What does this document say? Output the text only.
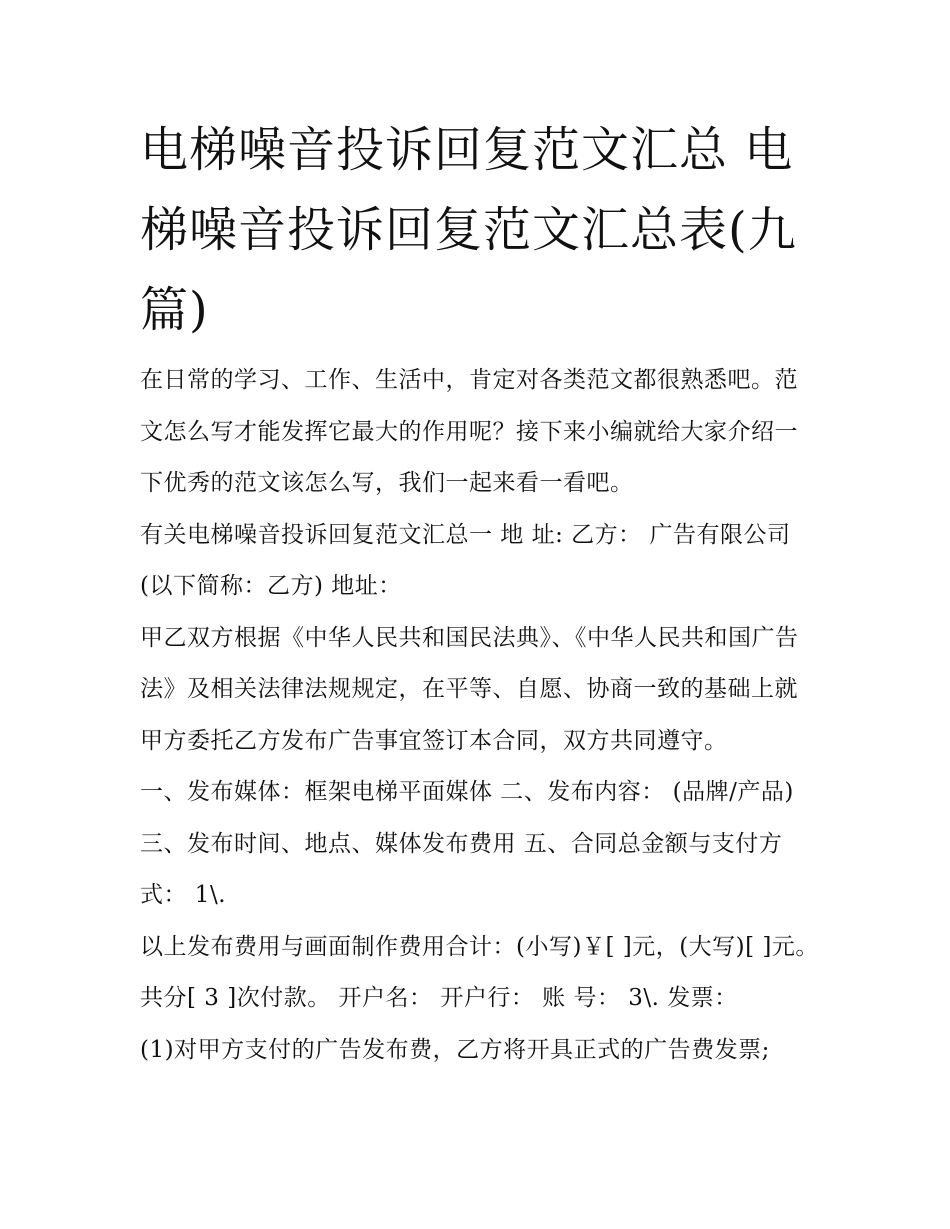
电梯噪音投诉回复范文汇总 电梯噪音投诉回复范文汇总表(九篇)

在日常的学习、工作、生活中，肯定对各类范文都很熟悉吧。范文怎么写才能发挥它最大的作用呢？接下来小编就给大家介绍一下优秀的范文该怎么写，我们一起来看一看吧。

有关电梯噪音投诉回复范文汇总一 地 址: 乙方： 广告有限公司(以下简称：乙方) 地址：

甲乙双方根据《中华人民共和国民法典》、《中华人民共和国广告法》及相关法律法规规定，在平等、自愿、协商一致的基础上就甲方委托乙方发布广告事宜签订本合同，双方共同遵守。

一、发布媒体：框架电梯平面媒体 二、发布内容： (品牌/产品) 三、发布时间、地点、媒体发布费用 五、合同总金额与支付方式： 1\.

以上发布费用与画面制作费用合计：(小写)￥[ ]元，(大写)[ ]元。 共分[ 3 ]次付款。 开户名： 开户行： 账 号： 3\. 发票：

(1)对甲方支付的广告发布费，乙方将开具正式的广告费发票;
